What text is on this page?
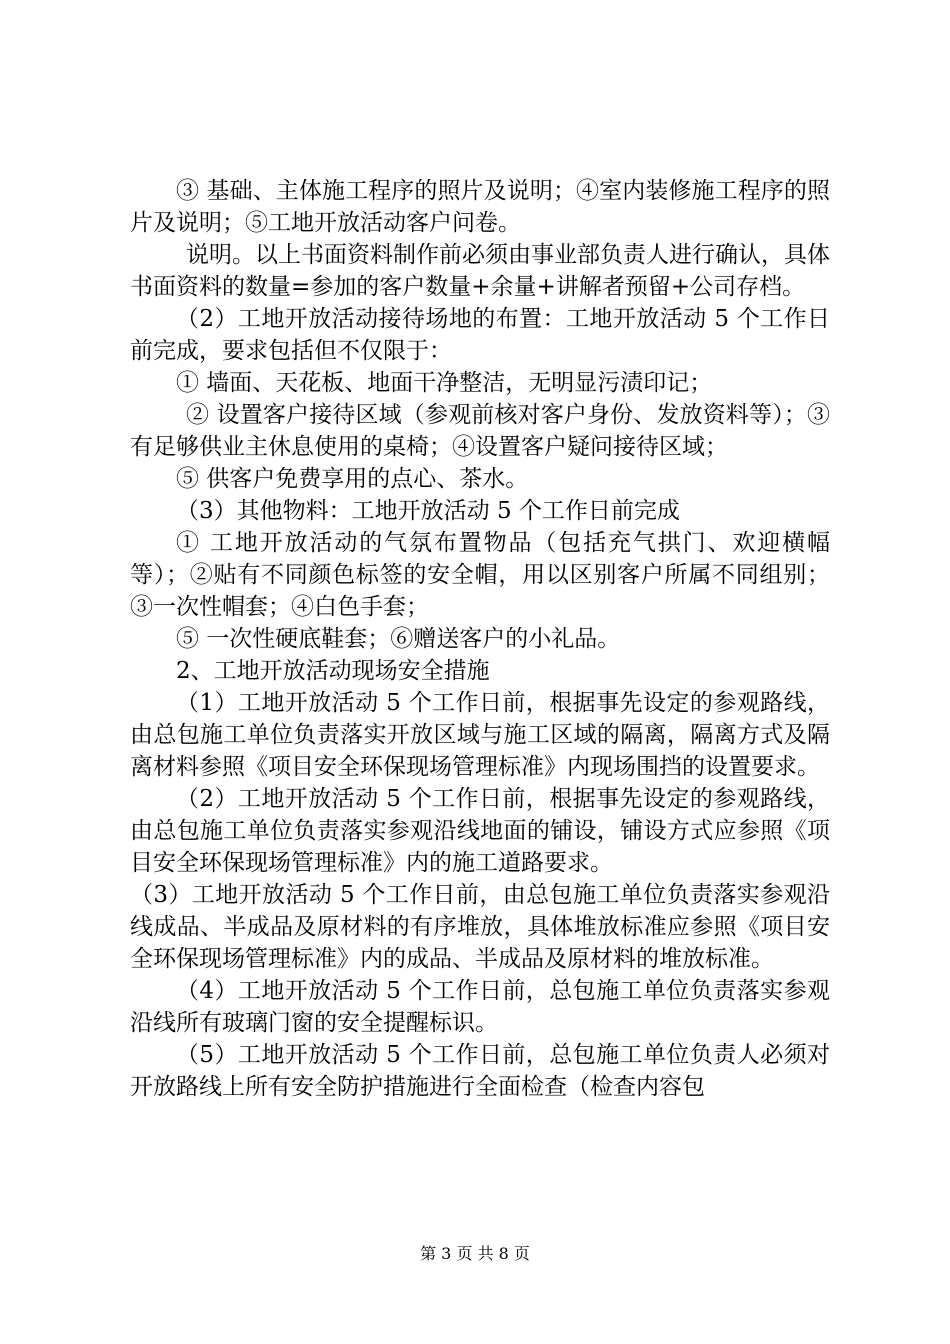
③ 基础、主体施工程序的照片及说明；④室内装修施工程序的照片及说明；⑤工地开放活动客户问卷。

说明。以上书面资料制作前必须由事业部负责人进行确认，具体书面资料的数量=参加的客户数量+余量+讲解者预留+公司存档。

（2）工地开放活动接待场地的布置：工地开放活动 5 个工作日前完成，要求包括但不仅限于：

① 墙面、天花板、地面干净整洁，无明显污渍印记；

② 设置客户接待区域（参观前核对客户身份、发放资料等）；③有足够供业主休息使用的桌椅；④设置客户疑问接待区域；

⑤ 供客户免费享用的点心、茶水。

（3）其他物料：工地开放活动 5 个工作日前完成

① 工地开放活动的气氛布置物品（包括充气拱门、欢迎横幅等）；②贴有不同颜色标签的安全帽，用以区别客户所属不同组别；③一次性帽套；④白色手套；

⑤ 一次性硬底鞋套；⑥赠送客户的小礼品。

2、工地开放活动现场安全措施

（1）工地开放活动 5 个工作日前，根据事先设定的参观路线，由总包施工单位负责落实开放区域与施工区域的隔离，隔离方式及隔离材料参照《项目安全环保现场管理标准》内现场围挡的设置要求。

（2）工地开放活动 5 个工作日前，根据事先设定的参观路线，由总包施工单位负责落实参观沿线地面的铺设，铺设方式应参照《项目安全环保现场管理标准》内的施工道路要求。

（3）工地开放活动 5 个工作日前，由总包施工单位负责落实参观沿线成品、半成品及原材料的有序堆放，具体堆放标准应参照《项目安全环保现场管理标准》内的成品、半成品及原材料的堆放标准。

（4）工地开放活动 5 个工作日前，总包施工单位负责落实参观沿线所有玻璃门窗的安全提醒标识。

（5）工地开放活动 5 个工作日前，总包施工单位负责人必须对开放路线上所有安全防护措施进行全面检查（检查内容包

第 3 页 共 8 页
